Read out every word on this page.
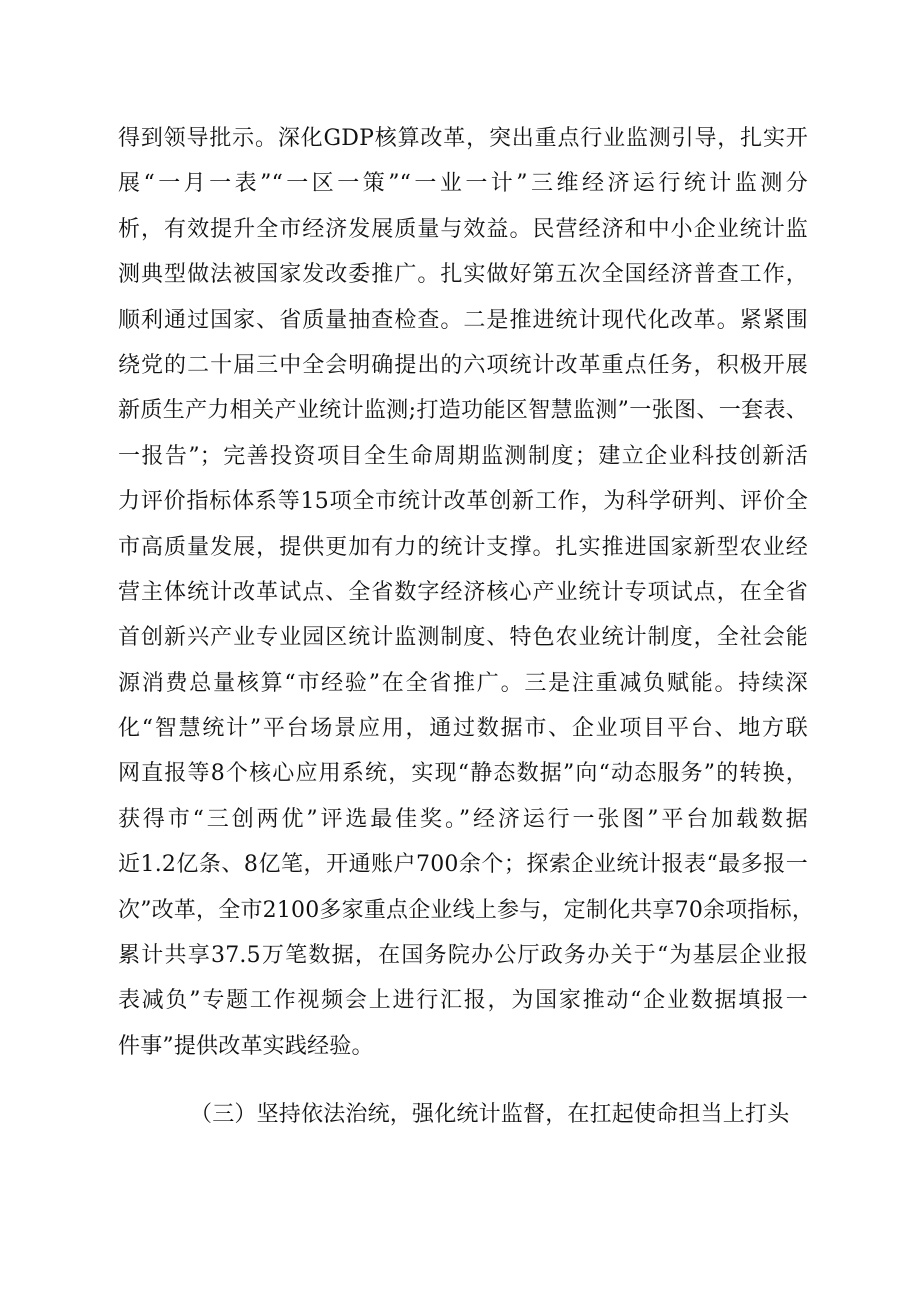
得到领导批示。深化GDP核算改革，突出重点行业监测引导，扎实开
展“一月一表”“一区一策”“一业一计”三维经济运行统计监测分
析，有效提升全市经济发展质量与效益。民营经济和中小企业统计监
测典型做法被国家发改委推广。扎实做好第五次全国经济普查工作，
顺利通过国家、省质量抽查检查。二是推进统计现代化改革。紧紧围
绕党的二十届三中全会明确提出的六项统计改革重点任务，积极开展
新质生产力相关产业统计监测;打造功能区智慧监测”一张图、一套表、
一报告”；完善投资项目全生命周期监测制度；建立企业科技创新活
力评价指标体系等15项全市统计改革创新工作，为科学研判、评价全
市高质量发展，提供更加有力的统计支撑。扎实推进国家新型农业经
营主体统计改革试点、全省数字经济核心产业统计专项试点，在全省
首创新兴产业专业园区统计监测制度、特色农业统计制度，全社会能
源消费总量核算“市经验”在全省推广。三是注重减负赋能。持续深
化“智慧统计”平台场景应用，通过数据市、企业项目平台、地方联
网直报等8个核心应用系统，实现“静态数据”向“动态服务”的转换，
获得市“三创两优”评选最佳奖。”经济运行一张图”平台加载数据
近1.2亿条、8亿笔，开通账户700余个；探索企业统计报表“最多报一
次”改革，全市2100多家重点企业线上参与，定制化共享70余项指标，
累计共享37.5万笔数据，在国务院办公厅政务办关于“为基层企业报
表减负”专题工作视频会上进行汇报，为国家推动“企业数据填报一
件事”提供改革实践经验。
（三）坚持依法治统，强化统计监督，在扛起使命担当上打头
